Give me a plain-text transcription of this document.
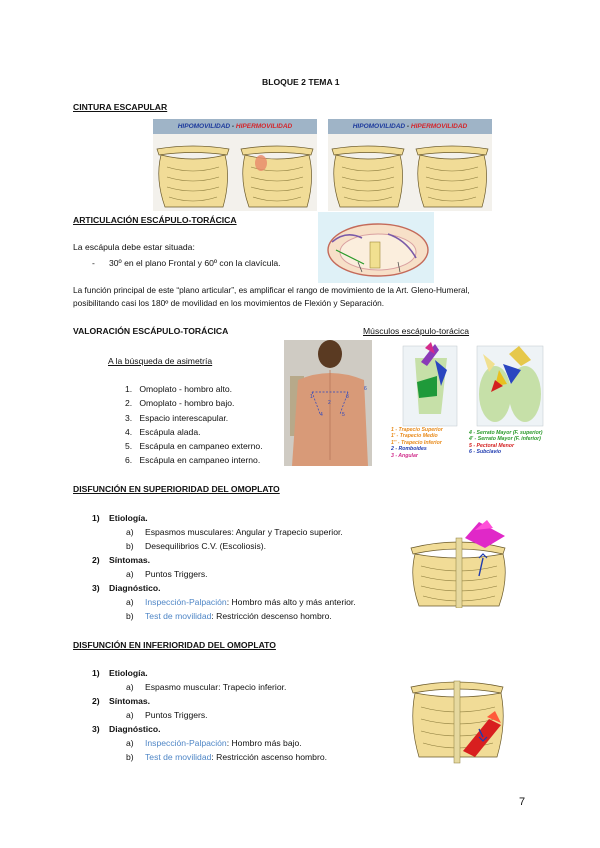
BLOQUE 2 TEMA 1
CINTURA ESCAPULAR
HIPOMOVILIDAD - HIPERMOVILIDAD	HIPOMOVILIDAD - HIPERMOVILIDAD
ARTICULACIÓN ESCÁPULO-TORÁCICA
La escápula debe estar situada:
- 30º en el plano Frontal y 60º con la clavícula.
La función principal de este “plano articular”, es amplificar el rango de movimiento de la Art. Gleno-Humeral,
posibilitando casi los 180º de movilidad en los movimientos de Flexión y Separación.
VALORACIÓN ESCÁPULO-TORÁCICA	Músculos escápulo-torácica
A la búsqueda de asimetría
1. Omoplato - hombro alto.
2. Omoplato - hombro bajo.
3. Espacio interescapular.
4. Escápula alada.
5. Escápula en campaneo externo.
6. Escápula en campaneo interno.
1
2
3
4	5
6
1 - Trapecio Superior
1' - Trapecio Medio
1'' - Trapecio Inferior
2 - Romboides
3 - Angular
4 - Serrato Mayor (F. superior)
4' - Serrato Mayor (F. inferior)
5 - Pectoral Menor
6 - Subclavio
DISFUNCIÓN EN SUPERIORIDAD DEL OMOPLATO
1) Etiología.
a) Espasmos musculares: Angular y Trapecio superior.
b) Desequilibrios C.V. (Escoliosis).
2) Síntomas.
a) Puntos Triggers.
3) Diagnóstico.
a) Inspección-Palpación: Hombro más alto y más anterior.
b) Test de movilidad: Restricción descenso hombro.
DISFUNCIÓN EN INFERIORIDAD DEL OMOPLATO
1) Etiología.
a) Espasmo muscular: Trapecio inferior.
2) Síntomas.
a) Puntos Triggers.
3) Diagnóstico.
a) Inspección-Palpación: Hombro más bajo.
b) Test de movilidad: Restricción ascenso hombro.
7
